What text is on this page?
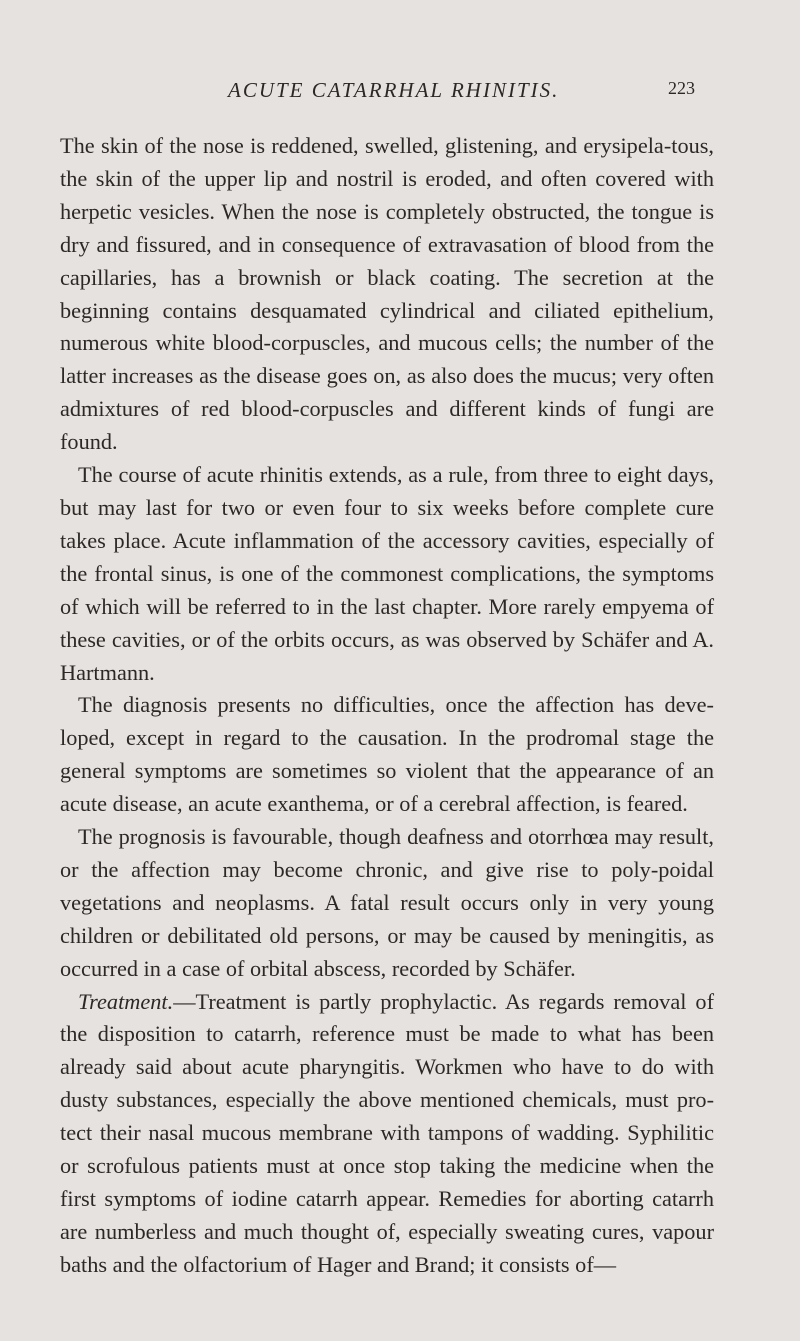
ACUTE CATARRHAL RHINITIS.	223

The skin of the nose is reddened, swelled, glistening, and erysipela-tous, the skin of the upper lip and nostril is eroded, and often covered with herpetic vesicles. When the nose is completely obstructed, the tongue is dry and fissured, and in consequence of extravasation of blood from the capillaries, has a brownish or black coating. The secretion at the beginning contains desquamated cylindrical and ciliated epithelium, numerous white blood-corpuscles, and mucous cells; the number of the latter increases as the disease goes on, as also does the mucus; very often admixtures of red blood-corpuscles and different kinds of fungi are found.

The course of acute rhinitis extends, as a rule, from three to eight days, but may last for two or even four to six weeks before complete cure takes place. Acute inflammation of the accessory cavities, especially of the frontal sinus, is one of the commonest complications, the symptoms of which will be referred to in the last chapter. More rarely empyema of these cavities, or of the orbits occurs, as was observed by Schäfer and A. Hartmann.

The diagnosis presents no difficulties, once the affection has deve-loped, except in regard to the causation. In the prodromal stage the general symptoms are sometimes so violent that the appearance of an acute disease, an acute exanthema, or of a cerebral affection, is feared.

The prognosis is favourable, though deafness and otorrhœa may result, or the affection may become chronic, and give rise to poly-poidal vegetations and neoplasms. A fatal result occurs only in very young children or debilitated old persons, or may be caused by meningitis, as occurred in a case of orbital abscess, recorded by Schäfer.

Treatment.—Treatment is partly prophylactic. As regards removal of the disposition to catarrh, reference must be made to what has been already said about acute pharyngitis. Workmen who have to do with dusty substances, especially the above mentioned chemicals, must pro-tect their nasal mucous membrane with tampons of wadding. Syphilitic or scrofulous patients must at once stop taking the medicine when the first symptoms of iodine catarrh appear. Remedies for aborting catarrh are numberless and much thought of, especially sweating cures, vapour baths and the olfactorium of Hager and Brand; it consists of—
